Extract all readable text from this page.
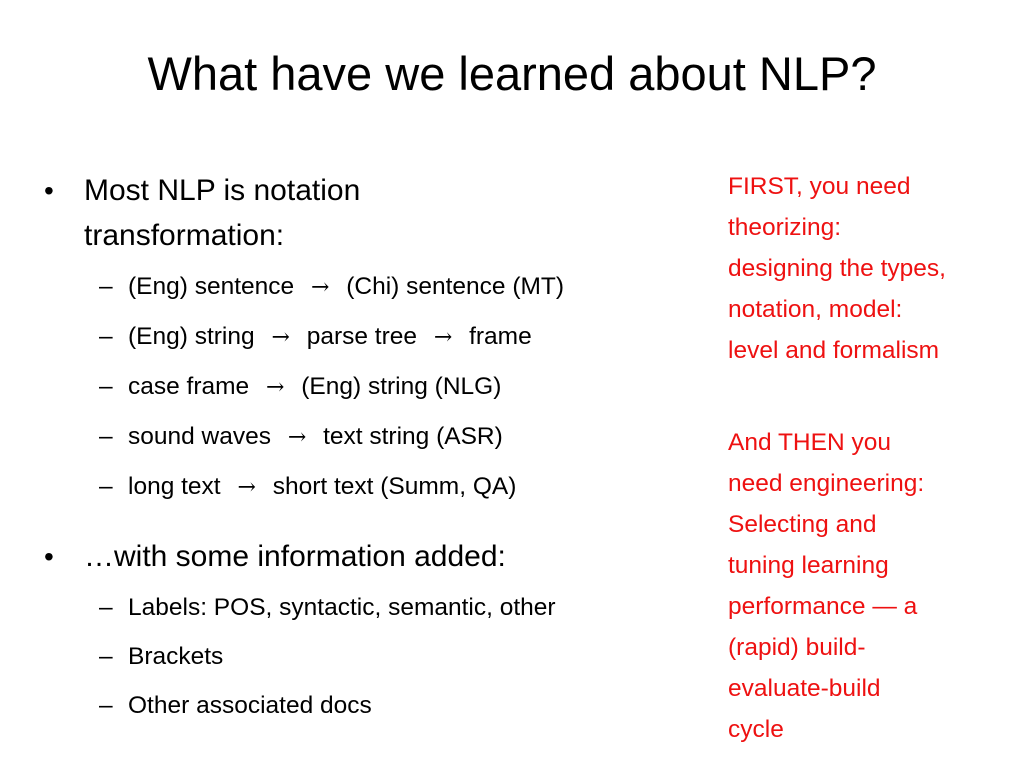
What have we learned about NLP?
• Most NLP is notation
transformation:
– (Eng) sentence → (Chi) sentence (MT)
– (Eng) string → parse tree → frame
– case frame → (Eng) string (NLG)
– sound waves → text string (ASR)
– long text → short text (Summ, QA)
• …with some information added:
– Labels: POS, syntactic, semantic, other
– Brackets
– Other associated docs
FIRST, you need
theorizing:
designing the types,
notation, model:
level and formalism
And THEN you
need engineering:
Selecting and
tuning learning
performance — a
(rapid) build-
evaluate-build
cycle
